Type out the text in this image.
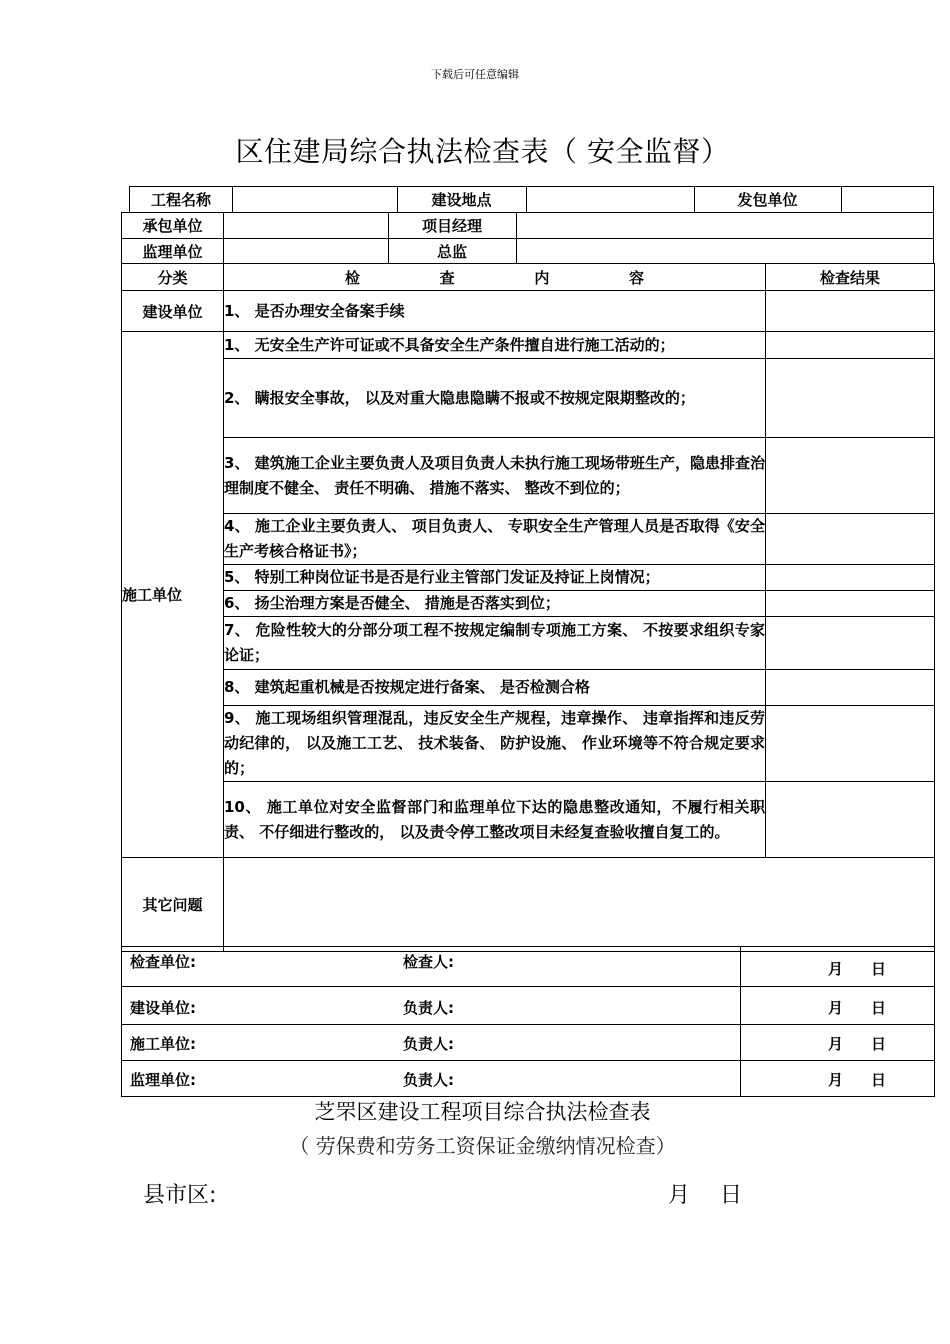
下载后可任意编辑
区住建局综合执法检查表（ 安全监督）
工程名称	建设地点	发包单位
承包单位	项目经理
监理单位	总监
分类	检 查 内 容	检查结果
建设单位	1、 是否办理安全备案手续	
施工单位	1、 无安全生产许可证或不具备安全生产条件擅自进行施工活动的；	
	2、 瞒报安全事故， 以及对重大隐患隐瞒不报或不按规定限期整改的；	
	3、 建筑施工企业主要负责人及项目负责人未执行施工现场带班生产，隐患排查治理制度不健全、 责任不明确、 措施不落实、 整改不到位的；	
	4、 施工企业主要负责人、 项目负责人、 专职安全生产管理人员是否取得《安全生产考核合格证书》；	
	5、 特别工种岗位证书是否是行业主管部门发证及持证上岗情况；	
	6、 扬尘治理方案是否健全、 措施是否落实到位；	
	7、 危险性较大的分部分项工程不按规定编制专项施工方案、 不按要求组织专家论证；	
	8、 建筑起重机械是否按规定进行备案、 是否检测合格	
	9、 施工现场组织管理混乱，违反安全生产规程，违章操作、 违章指挥和违反劳动纪律的， 以及施工工艺、 技术装备、 防护设施、 作业环境等不符合规定要求的；	
	10、 施工单位对安全监督部门和监理单位下达的隐患整改通知，不履行相关职责、 不仔细进行整改的， 以及责令停工整改项目未经复查验收擅自复工的。	
其它问题		
检查单位: 检查人:	月 日

建设单位: 负责人:	月 日

施工单位: 负责人:	月 日

监理单位: 负责人:	月 日
芝罘区建设工程项目综合执法检查表
（ 劳保费和劳务工资保证金缴纳情况检查）
县市区:	月 日
